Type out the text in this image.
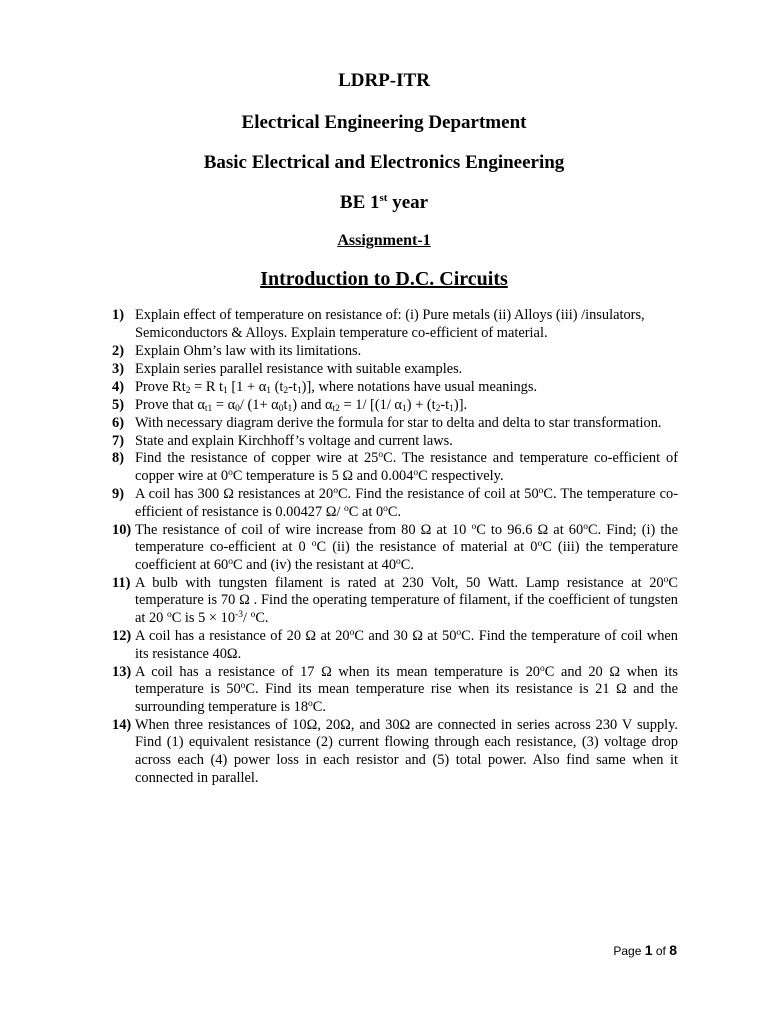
LDRP-ITR
Electrical Engineering Department
Basic Electrical and Electronics Engineering
BE 1st year
Assignment-1
Introduction to D.C. Circuits
1) Explain effect of temperature on resistance of: (i) Pure metals (ii) Alloys (iii) /insulators, Semiconductors & Alloys. Explain temperature co-efficient of material.
2) Explain Ohm’s law with its limitations.
3) Explain series parallel resistance with suitable examples.
4) Prove $Rt_2 = R$ $t_1$ [$1 + \alpha_1$ $(t_2-t_1)$], where notations have usual meanings.
5) Prove that $\alpha_{t1} = \alpha_0/$ $(1+ \alpha_0t_1)$ and $\alpha_{t2} = 1/$ [(1/ $\alpha_1) + (t_2-t_1)$].
6) With necessary diagram derive the formula for star to delta and delta to star transformation.
7) State and explain Kirchhoff’s voltage and current laws.
8) Find the resistance of copper wire at 25$^o$C. The resistance and temperature co-efficient of copper wire at 0$^o$C temperature is 5 Ω and 0.004$^o$C respectively.
9) A coil has 300 Ω resistances at 20$^o$C. Find the resistance of coil at 50$^o$C. The temperature co-efficient of resistance is 0.00427 Ω/ $^o$C at 0$^o$C.
10) The resistance of coil of wire increase from 80 Ω at 10 $^o$C to 96.6 Ω at 60$^o$C. Find; (i) the temperature co-efficient at 0 $^o$C (ii) the resistance of material at 0$^o$C (iii) the temperature coefficient at 60$^o$C and (iv) the resistant at 40$^o$C.
11) A bulb with tungsten filament is rated at 230 Volt, 50 Watt. Lamp resistance at 20$^o$C temperature is 70 Ω . Find the operating temperature of filament, if the coefficient of tungsten at 20 $^o$C is $5 \times 10^{-3}/$ $^o$C.
12) A coil has a resistance of 20 Ω at 20$^o$C and 30 Ω at 50$^o$C. Find the temperature of coil when its resistance 40Ω.
13) A coil has a resistance of 17 Ω when its mean temperature is 20$^o$C and 20 Ω when its temperature is 50$^o$C. Find its mean temperature rise when its resistance is 21 Ω and the surrounding temperature is 18$^o$C.
14) When three resistances of 10Ω, 20Ω, and 30Ω are connected in series across 230 V supply. Find (1) equivalent resistance (2) current flowing through each resistance, (3) voltage drop across each (4) power loss in each resistor and (5) total power. Also find same when it connected in parallel.
Page 1 of 8
